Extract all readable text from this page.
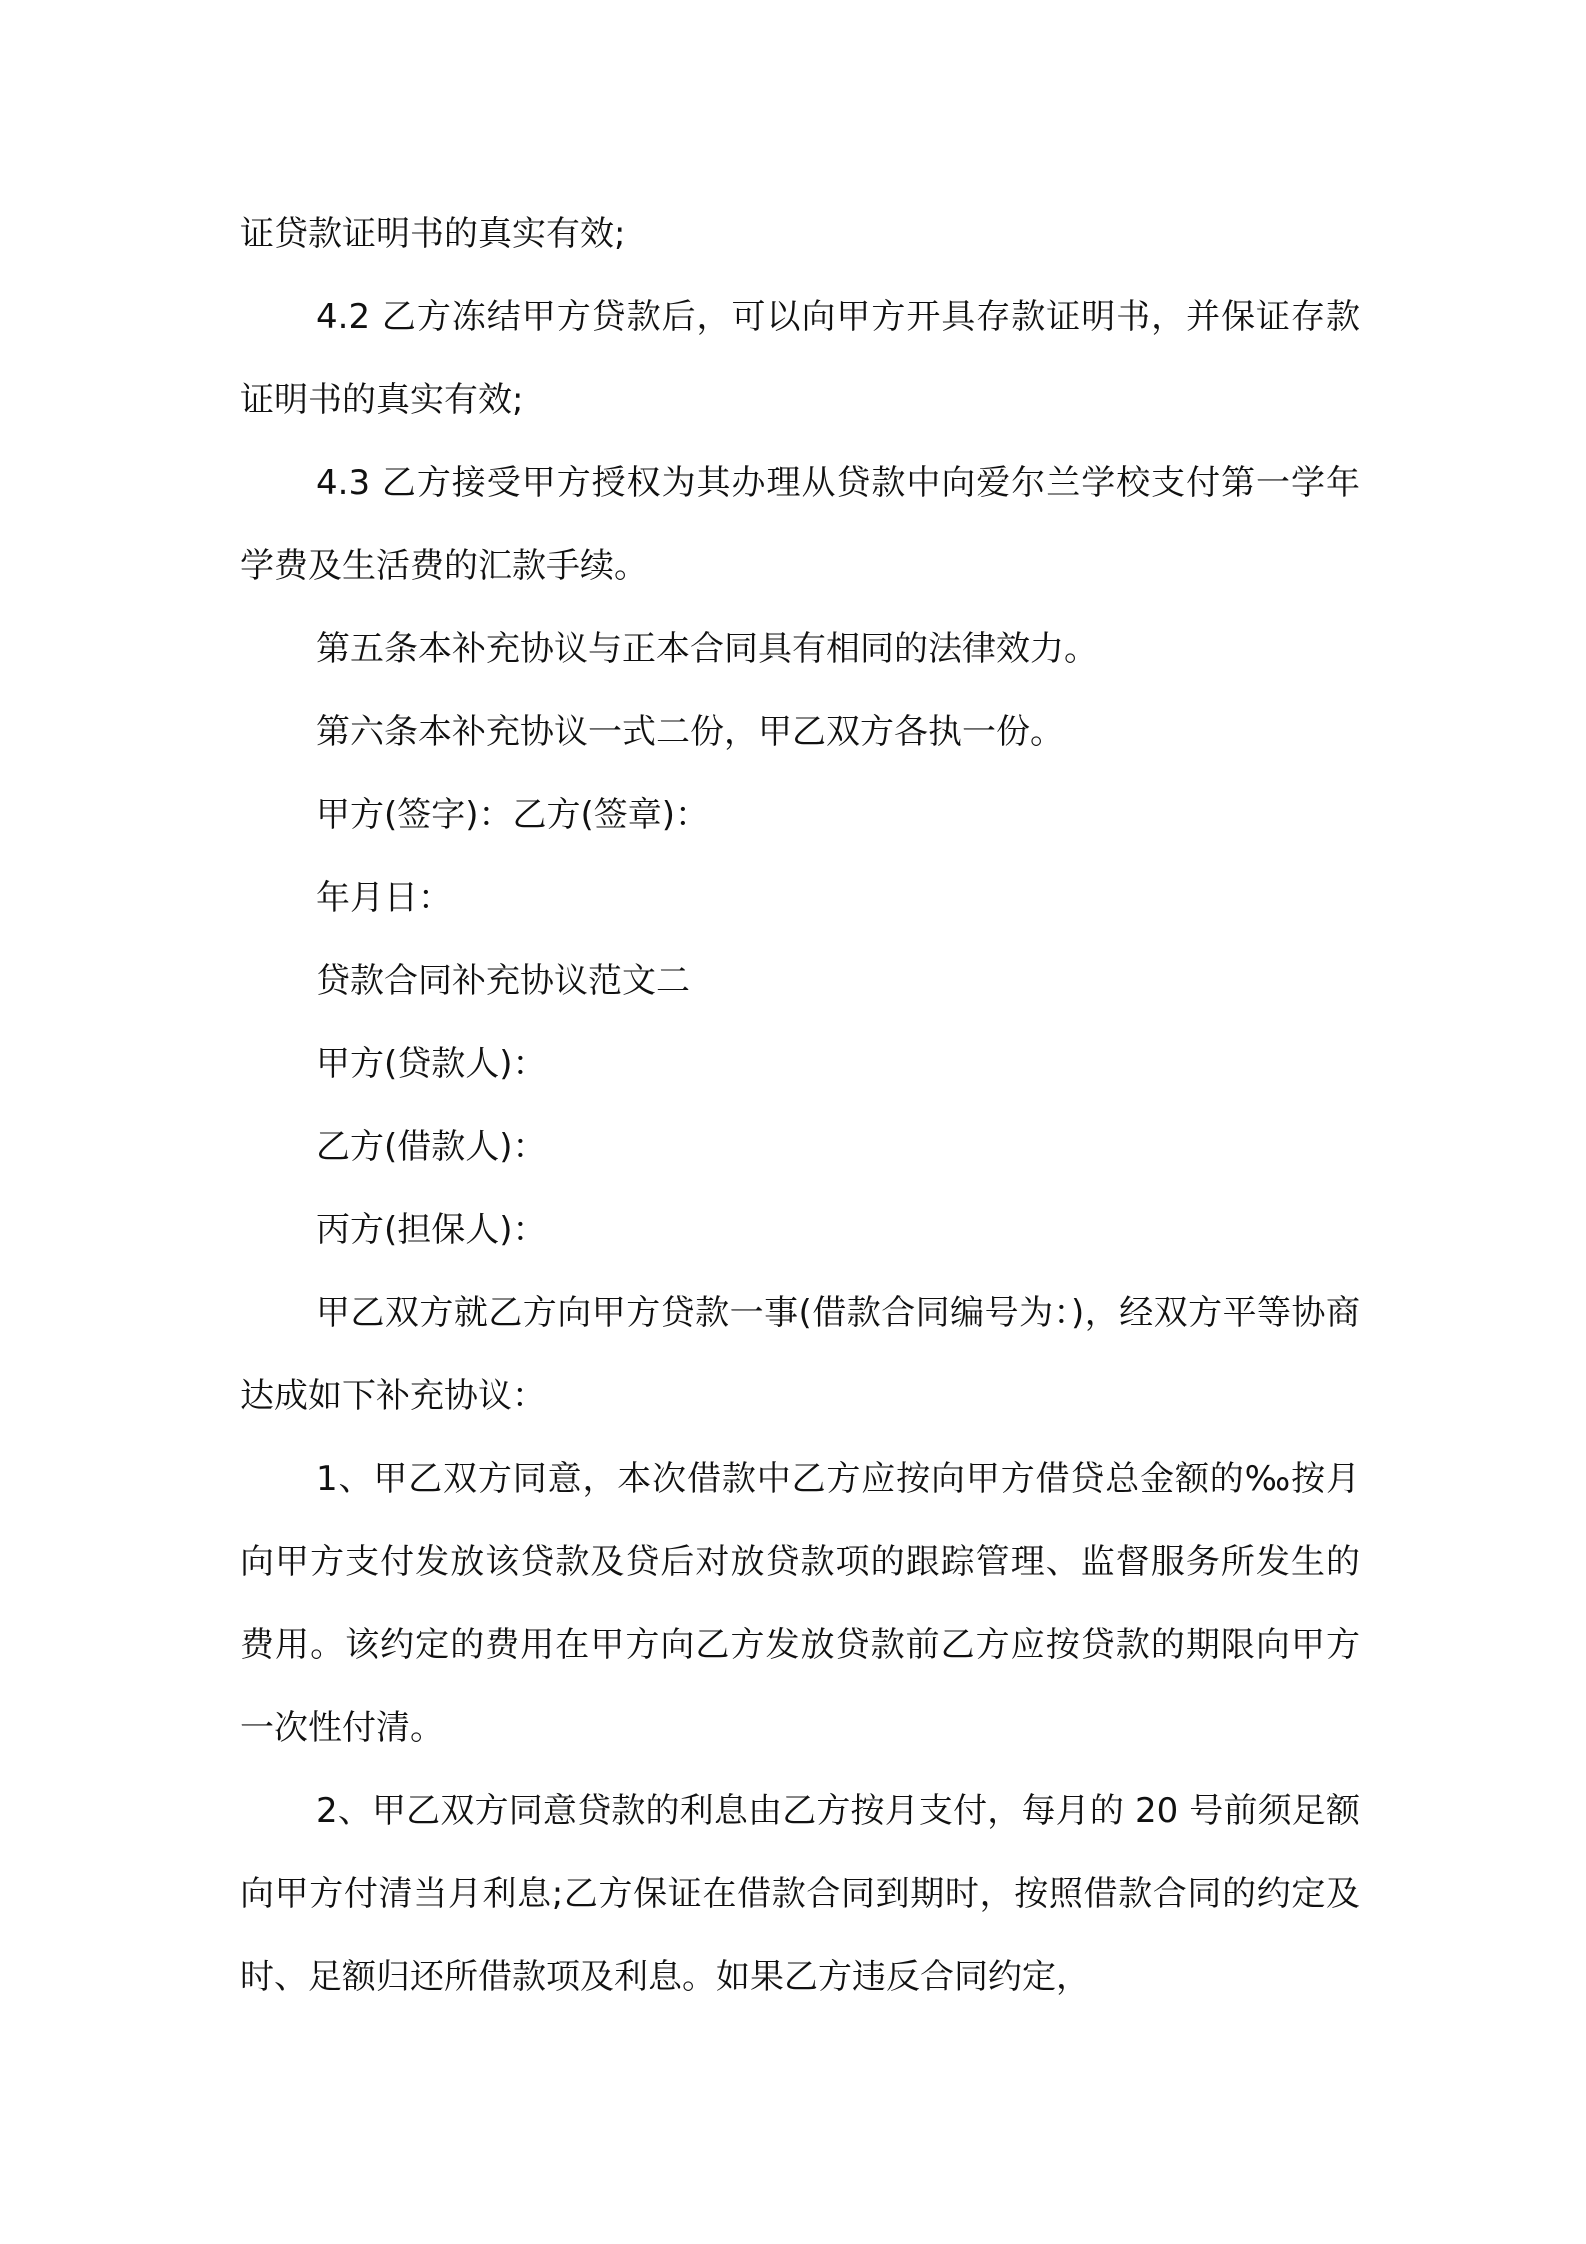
证贷款证明书的真实有效;

4.2 乙方冻结甲方贷款后，可以向甲方开具存款证明书，并保证存款证明书的真实有效;

4.3 乙方接受甲方授权为其办理从贷款中向爱尔兰学校支付第一学年学费及生活费的汇款手续。

第五条本补充协议与正本合同具有相同的法律效力。

第六条本补充协议一式二份，甲乙双方各执一份。

甲方(签字)：乙方(签章)：

年月日：

贷款合同补充协议范文二

甲方(贷款人)：

乙方(借款人)：

丙方(担保人)：

甲乙双方就乙方向甲方贷款一事(借款合同编号为：)，经双方平等协商达成如下补充协议：

1、甲乙双方同意，本次借款中乙方应按向甲方借贷总金额的‰按月向甲方支付发放该贷款及贷后对放贷款项的跟踪管理、监督服务所发生的费用。该约定的费用在甲方向乙方发放贷款前乙方应按贷款的期限向甲方一次性付清。

2、甲乙双方同意贷款的利息由乙方按月支付，每月的 20 号前须足额向甲方付清当月利息;乙方保证在借款合同到期时，按照借款合同的约定及时、足额归还所借款项及利息。如果乙方违反合同约定，
